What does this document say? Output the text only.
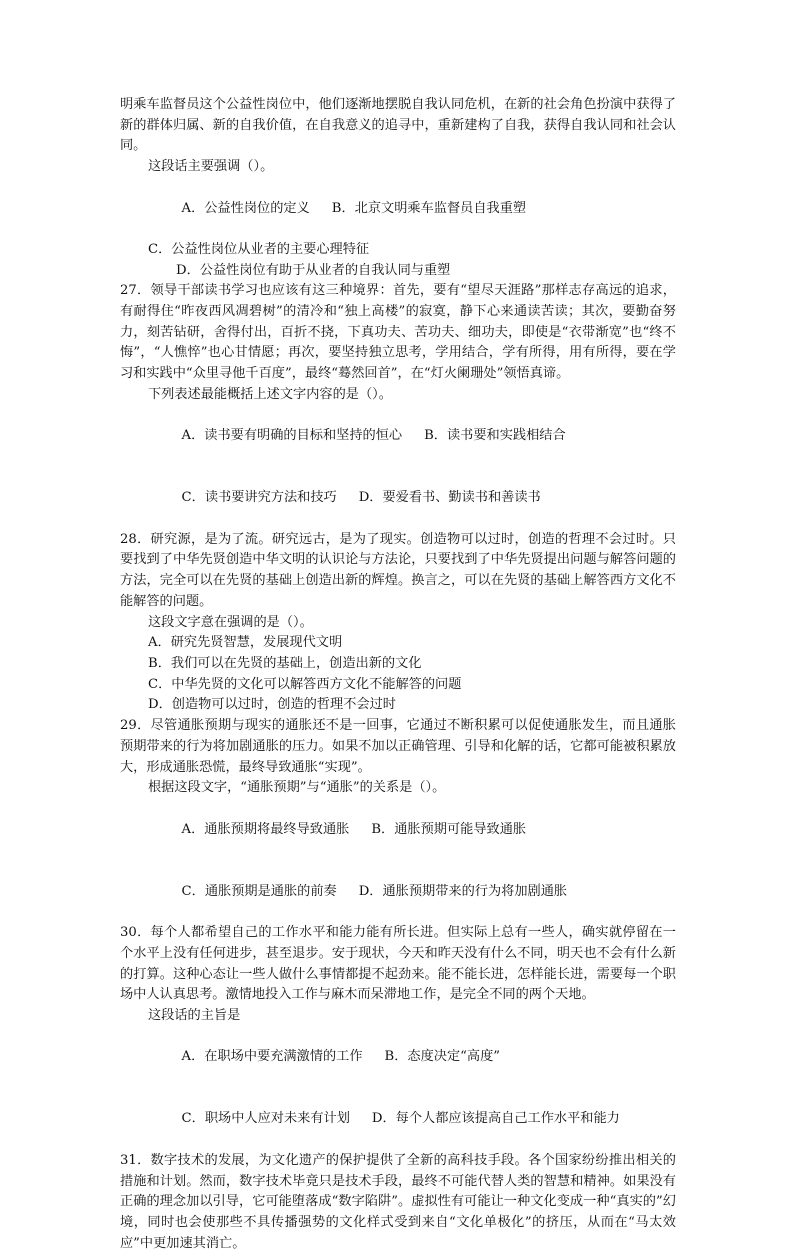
明乘车监督员这个公益性岗位中，他们逐渐地摆脱自我认同危机，在新的社会角色扮演中获得了新的群体归属、新的自我价值，在自我意义的追寻中，重新建构了自我，获得自我认同和社会认同。

这段话主要强调（）。

A．公益性岗位的定义 B．北京文明乘车监督员自我重塑

C．公益性岗位从业者的主要心理特征
D．公益性岗位有助于从业者的自我认同与重塑

27．领导干部读书学习也应该有这三种境界：首先，要有“望尽天涯路”那样志存高远的追求，有耐得住“昨夜西风凋碧树”的清冷和“独上高楼”的寂寞，静下心来通读苦读；其次，要勤奋努力，刻苦钻研，舍得付出，百折不挠，下真功夫、苦功夫、细功夫，即使是“衣带渐宽”也“终不悔”，“人憔悴”也心甘情愿；再次，要坚持独立思考，学用结合，学有所得，用有所得，要在学习和实践中“众里寻他千百度”，最终“蓦然回首”，在“灯火阑珊处”领悟真谛。

下列表述最能概括上述文字内容的是（）。

A．读书要有明确的目标和坚持的恒心 B．读书要和实践相结合

C．读书要讲究方法和技巧 D．要爱看书、勤读书和善读书

28．研究源，是为了流。研究远古，是为了现实。创造物可以过时，创造的哲理不会过时。只要找到了中华先贤创造中华文明的认识论与方法论，只要找到了中华先贤提出问题与解答问题的方法，完全可以在先贤的基础上创造出新的辉煌。换言之，可以在先贤的基础上解答西方文化不能解答的问题。

这段文字意在强调的是（）。

A．研究先贤智慧，发展现代文明
B．我们可以在先贤的基础上，创造出新的文化
C．中华先贤的文化可以解答西方文化不能解答的问题
D．创造物可以过时，创造的哲理不会过时

29．尽管通胀预期与现实的通胀还不是一回事，它通过不断积累可以促使通胀发生，而且通胀预期带来的行为将加剧通胀的压力。如果不加以正确管理、引导和化解的话，它都可能被积累放大，形成通胀恐慌，最终导致通胀“实现”。

根据这段文字，“通胀预期”与“通胀”的关系是（）。

A．通胀预期将最终导致通胀 B．通胀预期可能导致通胀

C．通胀预期是通胀的前奏 D．通胀预期带来的行为将加剧通胀

30．每个人都希望自己的工作水平和能力能有所长进。但实际上总有一些人，确实就停留在一个水平上没有任何进步，甚至退步。安于现状，今天和昨天没有什么不同，明天也不会有什么新的打算。这种心态让一些人做什么事情都提不起劲来。能不能长进，怎样能长进，需要每一个职场中人认真思考。激情地投入工作与麻木而呆滞地工作，是完全不同的两个天地。

这段话的主旨是

A．在职场中要充满激情的工作 B．态度决定“高度”

C．职场中人应对未来有计划 D．每个人都应该提高自己工作水平和能力

31．数字技术的发展，为文化遗产的保护提供了全新的高科技手段。各个国家纷纷推出相关的措施和计划。然而，数字技术毕竟只是技术手段，最终不可能代替人类的智慧和精神。如果没有正确的理念加以引导，它可能堕落成“数字陷阱”。虚拟性有可能让一种文化变成一种“真实的”幻境，同时也会使那些不具传播强势的文化样式受到来自“文化单极化”的挤压，从而在“马太效应”中更加速其消亡。
